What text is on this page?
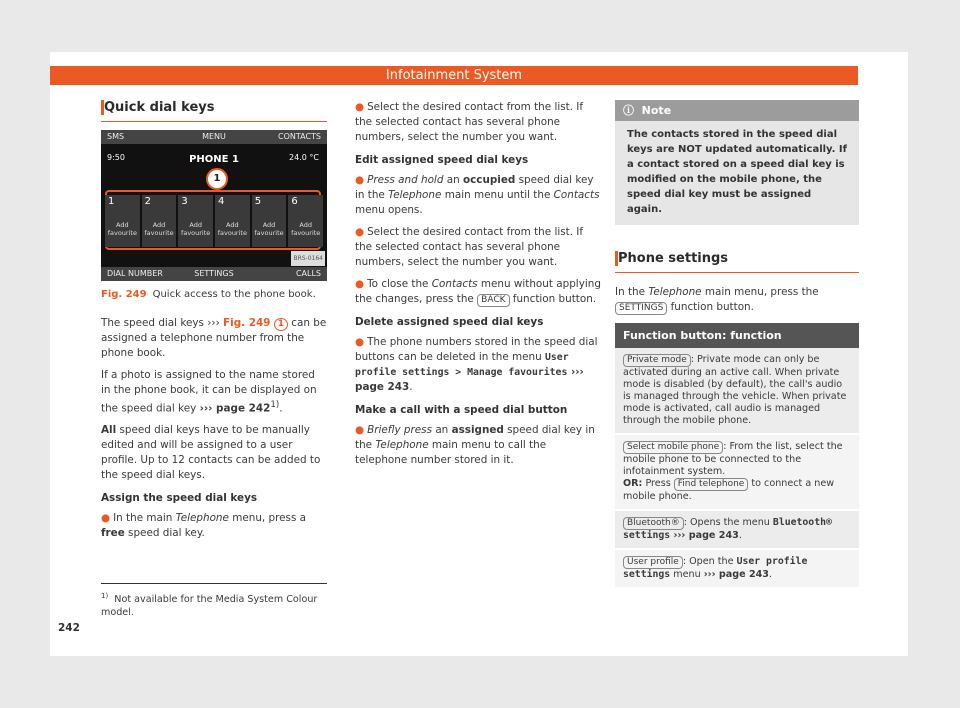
Infotainment System
Quick dial keys
SMS	MENU	CONTACTS
9:50	PHONE 1	24.0 °C
1
Add favourite
2
Add favourite
3
Add favourite
4
Add favourite
5
Add favourite
6
Add favourite
1
BRS-0164
DIAL NUMBER	SETTINGS	CALLS
Fig. 249 Quick access to the phone book.

The speed dial keys ››› Fig. 249 1 can be assigned a telephone number from the phone book.

If a photo is assigned to the name stored in the phone book, it can be displayed on the speed dial key ››› page 242$^{1)}$.

All speed dial keys have to be manually edited and will be assigned to a user profile. Up to 12 contacts can be added to the speed dial keys.

Assign the speed dial keys

● In the main Telephone menu, press a free speed dial key.

● Select the desired contact from the list. If the selected contact has several phone numbers, select the number you want.

Edit assigned speed dial keys

● Press and hold an occupied speed dial key in the Telephone main menu until the Contacts menu opens.

● Select the desired contact from the list. If the selected contact has several phone numbers, select the number you want.

● To close the Contacts menu without applying the changes, press the BACK function button.

Delete assigned speed dial keys

● The phone numbers stored in the speed dial buttons can be deleted in the menu User profile settings > Manage favourites ››› page 243.

Make a call with a speed dial button

● Briefly press an assigned speed dial key in the Telephone main menu to call the telephone number stored in it.

ⓘ Note
The contacts stored in the speed dial keys are NOT updated automatically. If a contact stored on a speed dial key is modified on the mobile phone, the speed dial key must be assigned again.
Phone settings

In the Telephone main menu, press the SETTINGS function button.

Function button: function
Private mode : Private mode can only be activated during an active call. When private mode is disabled (by default), the call's audio is managed through the vehicle. When private mode is activated, call audio is managed through the mobile phone.
Select mobile phone : From the list, select the mobile phone to be connected to the infotainment system.
OR: Press Find telephone to connect a new mobile phone.
Bluetooth® : Opens the menu Bluetooth® settings ››› page 243.
User profile : Open the User profile settings menu ››› page 243.
$^{1)}$ Not available for the Media System Colour model.
242
